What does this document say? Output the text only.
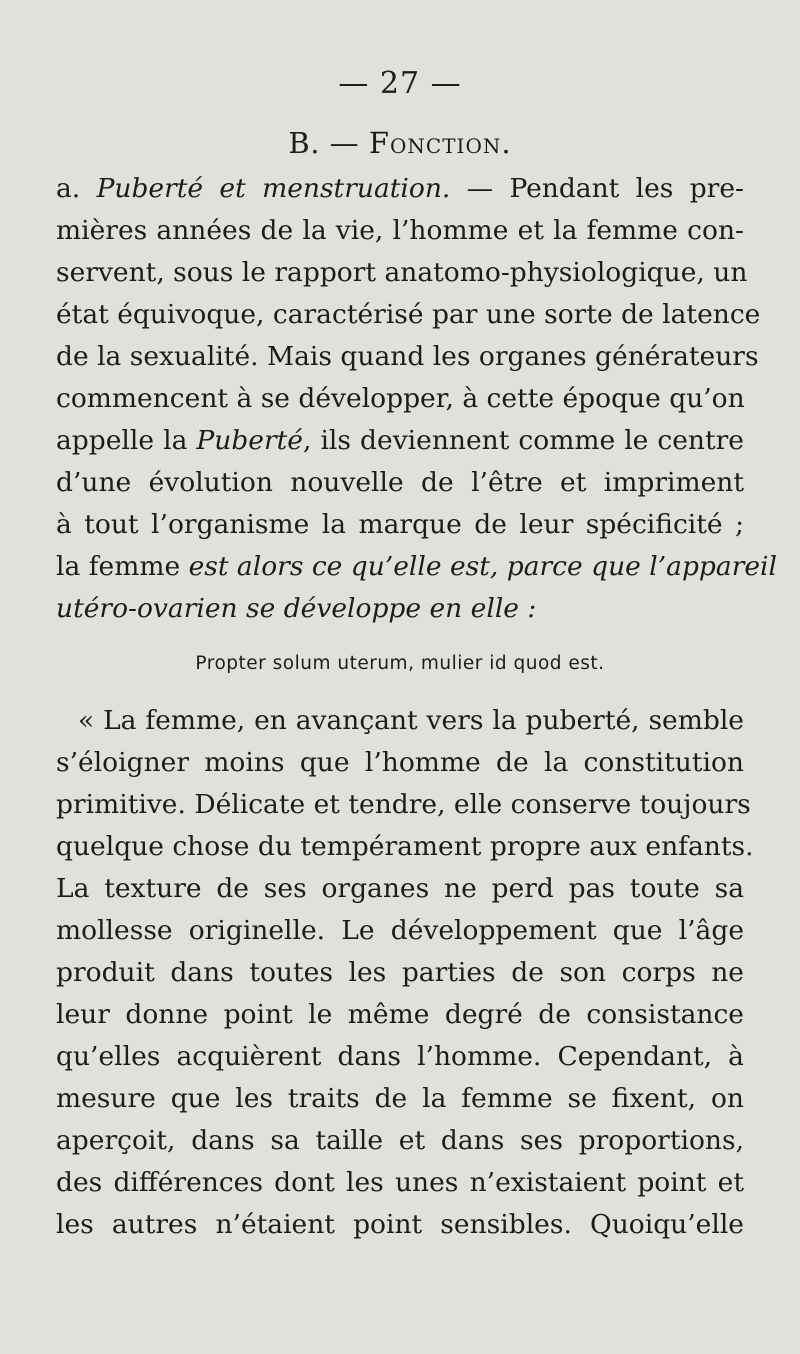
— 27 —
B. — Fonction.
a. Puberté et menstruation. — Pendant les pre-
mières années de la vie, l’homme et la femme con-
servent, sous le rapport anatomo-physiologique, un
état équivoque, caractérisé par une sorte de latence
de la sexualité. Mais quand les organes générateurs
commencent à se développer, à cette époque qu’on
appelle la Puberté, ils deviennent comme le centre
d’une évolution nouvelle de l’être et impriment
à tout l’organisme la marque de leur spécificité ;
la femme est alors ce qu’elle est, parce que l’appareil
utéro-ovarien se développe en elle :
Propter solum uterum, mulier id quod est.
« La femme, en avançant vers la puberté, semble
s’éloigner moins que l’homme de la constitution
primitive. Délicate et tendre, elle conserve toujours
quelque chose du tempérament propre aux enfants.
La texture de ses organes ne perd pas toute sa
mollesse originelle. Le développement que l’âge
produit dans toutes les parties de son corps ne
leur donne point le même degré de consistance
qu’elles acquièrent dans l’homme. Cependant, à
mesure que les traits de la femme se fixent, on
aperçoit, dans sa taille et dans ses proportions,
des différences dont les unes n’existaient point et
les autres n’étaient point sensibles. Quoiqu’elle
